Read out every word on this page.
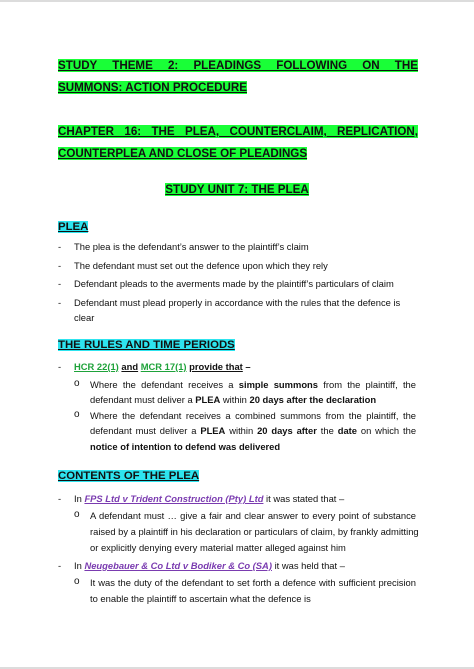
STUDY THEME 2: PLEADINGS FOLLOWING ON THE
SUMMONS: ACTION PROCEDURE
CHAPTER 16: THE PLEA, COUNTERCLAIM, REPLICATION,
COUNTERPLEA AND CLOSE OF PLEADINGS
STUDY UNIT 7: THE PLEA
PLEA
- The plea is the defendant’s answer to the plaintiff’s claim
- The defendant must set out the defence upon which they rely
- Defendant pleads to the averments made by the plaintiff’s particulars of claim
- Defendant must plead properly in accordance with the rules that the defence is
clear
THE RULES AND TIME PERIODS
- HCR 22(1) and MCR 17(1) provide that –
o Where the defendant receives a simple summons from the plaintiff, the
defendant must deliver a PLEA within 20 days after the declaration
o Where the defendant receives a combined summons from the plaintiff, the
defendant must deliver a PLEA within 20 days after the date on which the
notice of intention to defend was delivered
CONTENTS OF THE PLEA
- In FPS Ltd v Trident Construction (Pty) Ltd it was stated that –
o A defendant must … give a fair and clear answer to every point of substance
raised by a plaintiff in his declaration or particulars of claim, by frankly admitting
or explicitly denying every material matter alleged against him
- In Neugebauer & Co Ltd v Bodiker & Co (SA) it was held that –
o It was the duty of the defendant to set forth a defence with sufficient precision
to enable the plaintiff to ascertain what the defence is
